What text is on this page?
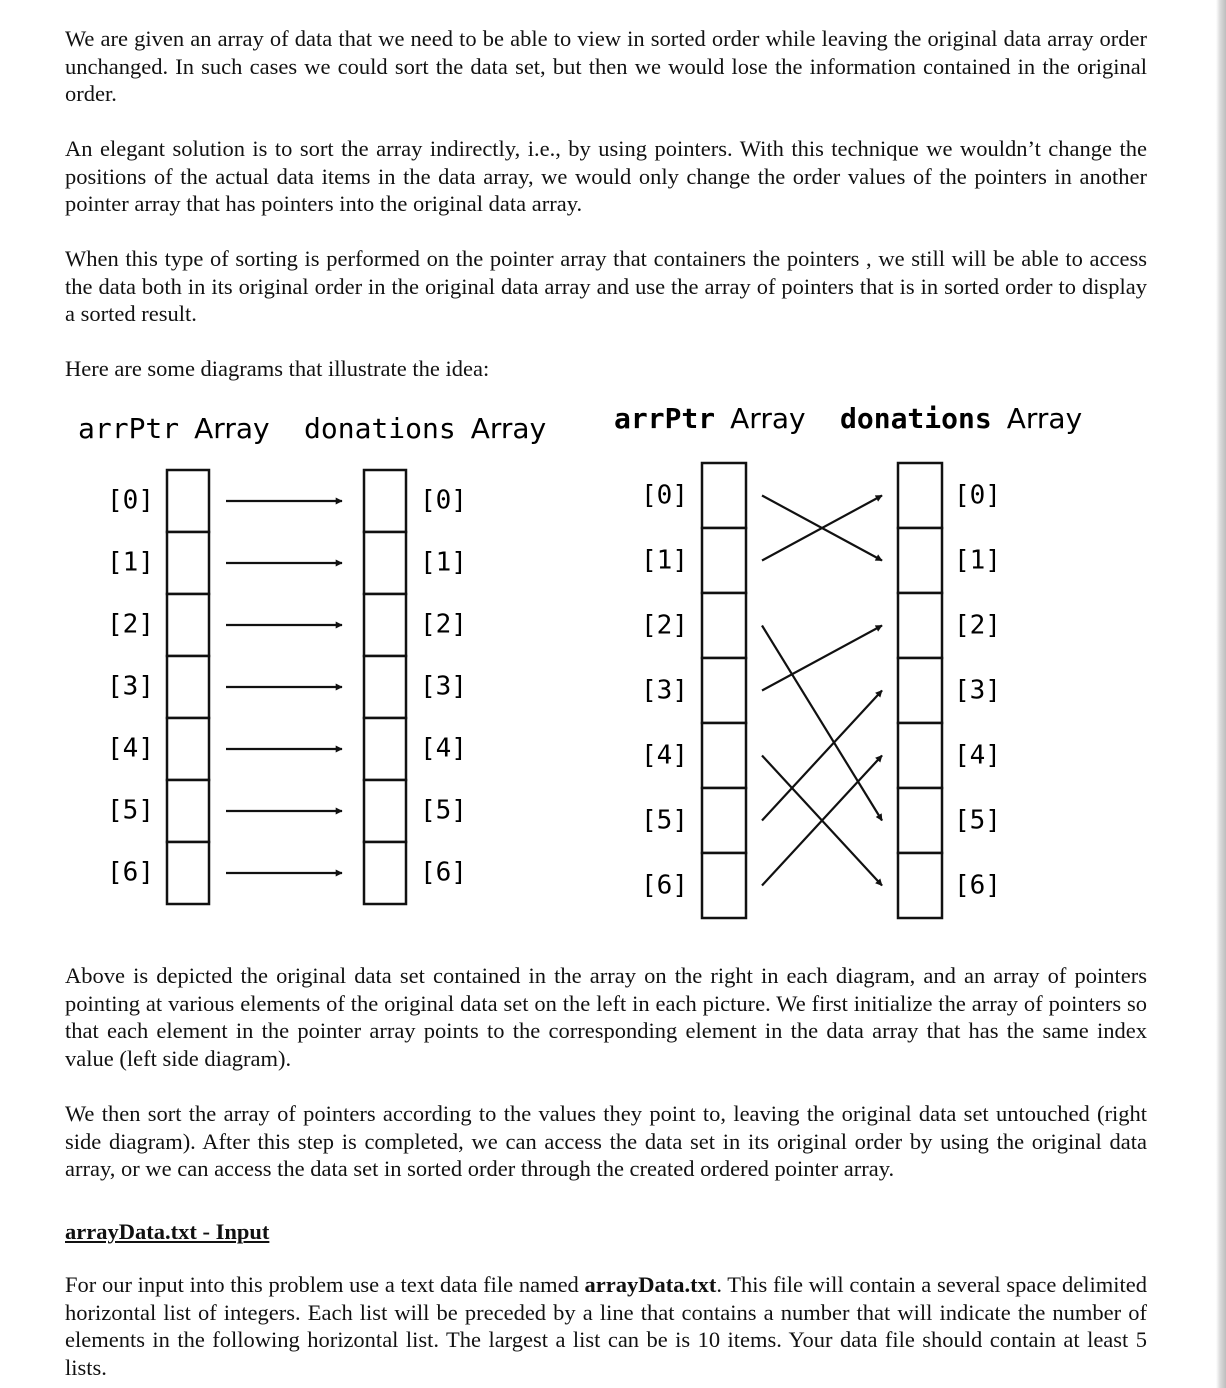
We are given an array of data that we need to be able to view in sorted order while leaving the original data array order unchanged. In such cases we could sort the data set, but then we would lose the information contained in the original order.

An elegant solution is to sort the array indirectly, i.e., by using pointers. With this technique we wouldn’t change the positions of the actual data items in the data array, we would only change the order values of the pointers in another pointer array that has pointers into the original data array.

When this type of sorting is performed on the pointer array that containers the pointers , we still will be able to access the data both in its original order in the original data array and use the array of pointers that is in sorted order to display a sorted result.

Here are some diagrams that illustrate the idea:

arrPtr Array donations Array
[0]
[1]
[2]
[3]
[4]
[5]
[6]
[0]
[1]
[2]
[3]
[4]
[5]
[6]
arrPtr Array donations Array
[0]
[1]
[2]
[3]
[4]
[5]
[6]
[0]
[1]
[2]
[3]
[4]
[5]
[6]

Above is depicted the original data set contained in the array on the right in each diagram, and an array of pointers pointing at various elements of the original data set on the left in each picture. We first initialize the array of pointers so that each element in the pointer array points to the corresponding element in the data array that has the same index value (left side diagram).

We then sort the array of pointers according to the values they point to, leaving the original data set untouched (right side diagram). After this step is completed, we can access the data set in its original order by using the original data array, or we can access the data set in sorted order through the created ordered pointer array.

arrayData.txt - Input

For our input into this problem use a text data file named arrayData.txt. This file will contain a several space delimited horizontal list of integers. Each list will be preceded by a line that contains a number that will indicate the number of elements in the following horizontal list. The largest a list can be is 10 items. Your data file should contain at least 5 lists.
